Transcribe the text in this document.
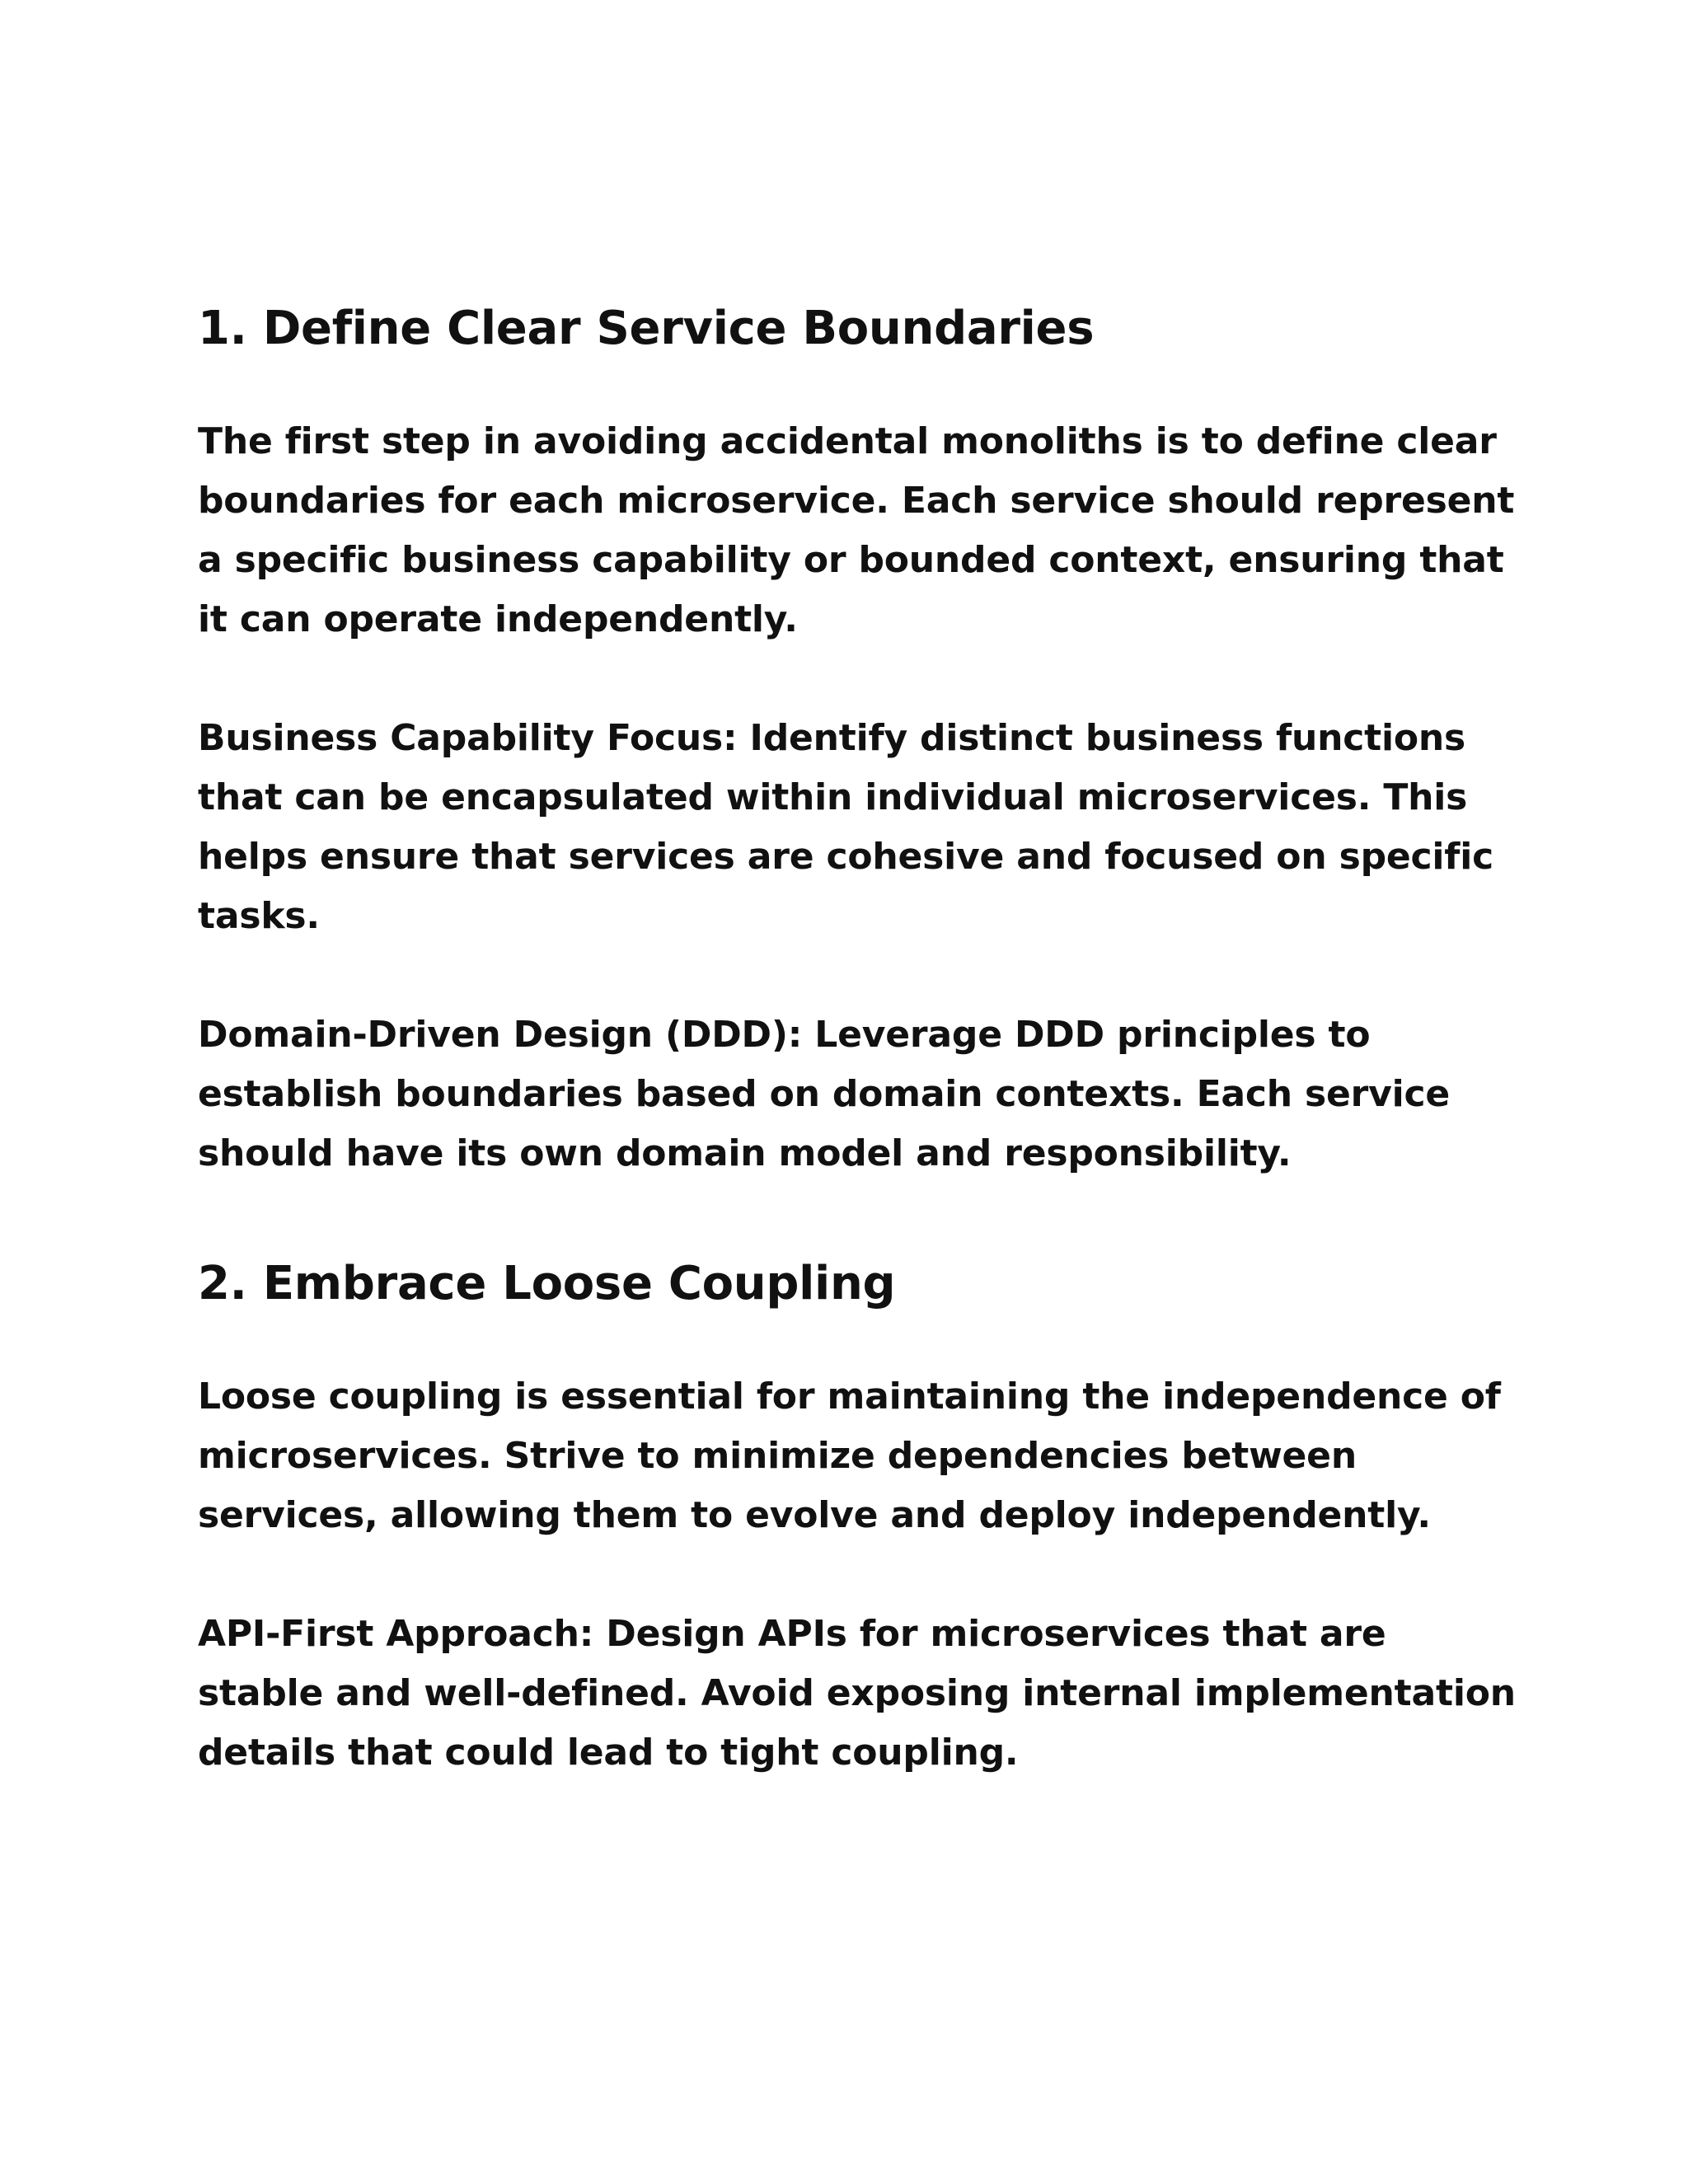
1. Define Clear Service Boundaries

The first step in avoiding accidental monoliths is to define clear boundaries for each microservice. Each service should represent a specific business capability or bounded context, ensuring that it can operate independently.

Business Capability Focus: Identify distinct business functions that can be encapsulated within individual microservices. This helps ensure that services are cohesive and focused on specific tasks.

Domain-Driven Design (DDD): Leverage DDD principles to establish boundaries based on domain contexts. Each service should have its own domain model and responsibility.

2. Embrace Loose Coupling

Loose coupling is essential for maintaining the independence of microservices. Strive to minimize dependencies between services, allowing them to evolve and deploy independently.

API-First Approach: Design APIs for microservices that are stable and well-defined. Avoid exposing internal implementation details that could lead to tight coupling.
